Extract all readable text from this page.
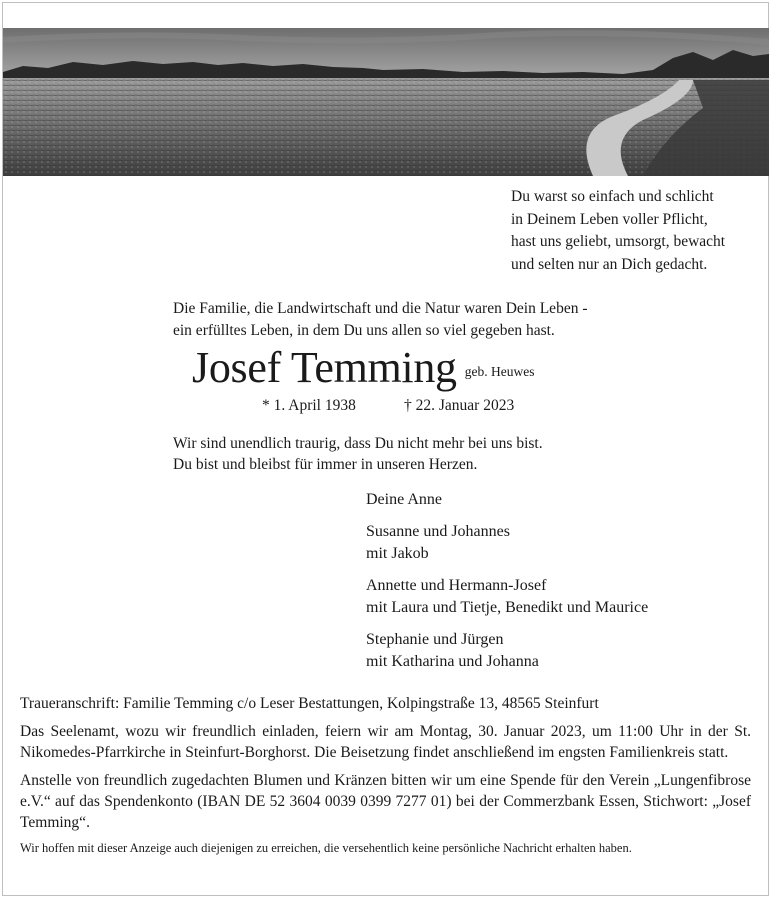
Du warst so einfach und schlicht
in Deinem Leben voller Pflicht,
hast uns geliebt, umsorgt, bewacht
und selten nur an Dich gedacht.
Die Familie, die Landwirtschaft und die Natur waren Dein Leben -
ein erfülltes Leben, in dem Du uns allen so viel gegeben hast.
Josef Temming $^{geb. Heuwes}$
* 1. April 1938	† 22. Januar 2023
Wir sind unendlich traurig, dass Du nicht mehr bei uns bist.
Du bist und bleibst für immer in unseren Herzen.
Deine Anne
Susanne und Johannes
mit Jakob
Annette und Hermann-Josef
mit Laura und Tietje, Benedikt und Maurice
Stephanie und Jürgen
mit Katharina und Johanna

Traueranschrift: Familie Temming c/o Leser Bestattungen, Kolpingstraße 13, 48565 Steinfurt

Das Seelenamt, wozu wir freundlich einladen, feiern wir am Montag, 30. Januar 2023, um 11:00 Uhr in der St. Nikomedes-Pfarrkirche in Steinfurt-Borghorst. Die Beisetzung findet anschließend im engsten Familienkreis statt.

Anstelle von freundlich zugedachten Blumen und Kränzen bitten wir um eine Spende für den Verein „Lungenfibrose e.V.“ auf das Spendenkonto (IBAN DE 52 3604 0039 0399 7277 01) bei der Commerzbank Essen, Stichwort: „Josef Temming“.

Wir hoffen mit dieser Anzeige auch diejenigen zu erreichen, die versehentlich keine persönliche Nachricht erhalten haben.
